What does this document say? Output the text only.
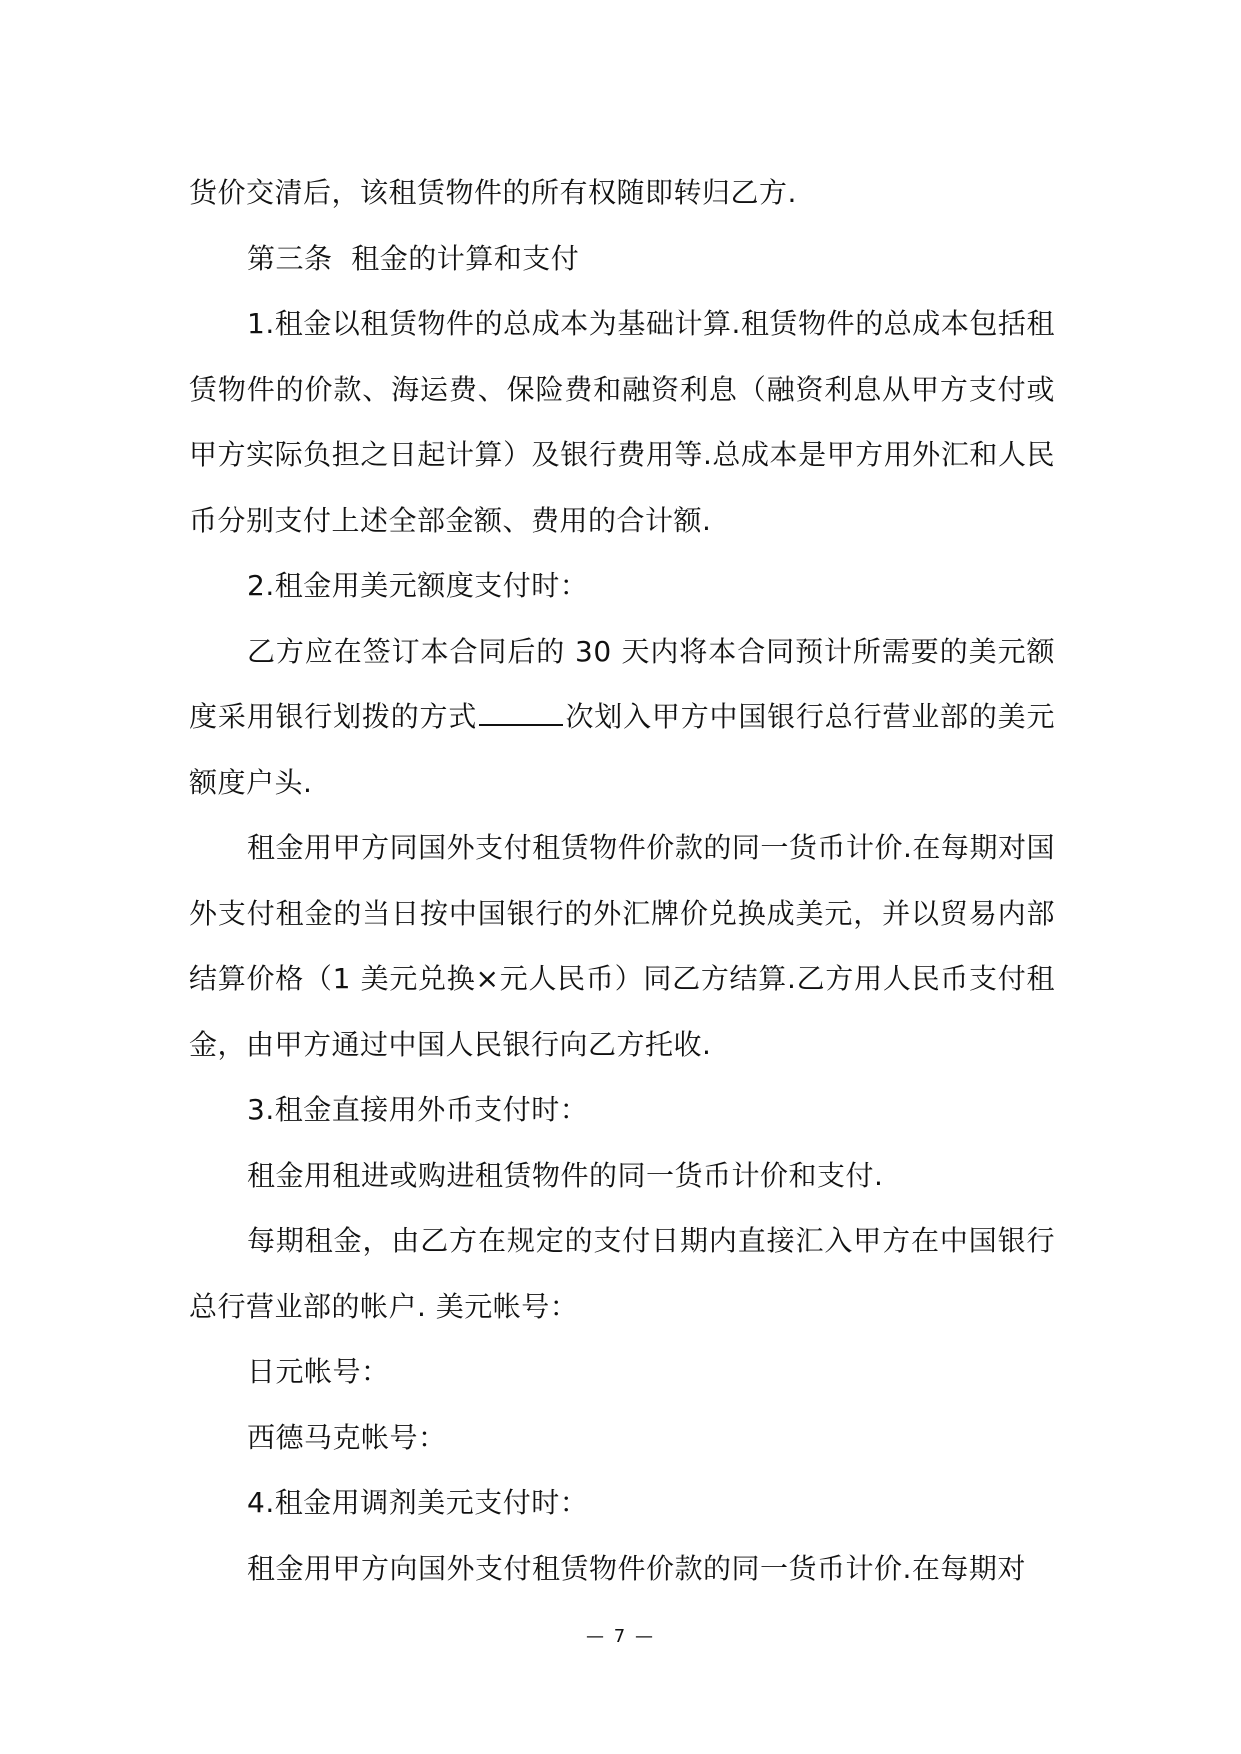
货价交清后，该租赁物件的所有权随即转归乙方.

第三条  租金的计算和支付

1.租金以租赁物件的总成本为基础计算.租赁物件的总成本包括租赁物件的价款、海运费、保险费和融资利息（融资利息从甲方支付或甲方实际负担之日起计算）及银行费用等.总成本是甲方用外汇和人民币分别支付上述全部金额、费用的合计额.

2.租金用美元额度支付时：

乙方应在签订本合同后的 30 天内将本合同预计所需要的美元额度采用银行划拨的方式	次划入甲方中国银行总行营业部的美元额度户头.

租金用甲方同国外支付租赁物件价款的同一货币计价.在每期对国外支付租金的当日按中国银行的外汇牌价兑换成美元，并以贸易内部结算价格（1 美元兑换×元人民币）同乙方结算.乙方用人民币支付租金，由甲方通过中国人民银行向乙方托收.

3.租金直接用外币支付时：

租金用租进或购进租赁物件的同一货币计价和支付.

每期租金，由乙方在规定的支付日期内直接汇入甲方在中国银行总行营业部的帐户. 美元帐号：

日元帐号：

西德马克帐号：

4.租金用调剂美元支付时：

租金用甲方向国外支付租赁物件价款的同一货币计价.在每期对

— 7 —
